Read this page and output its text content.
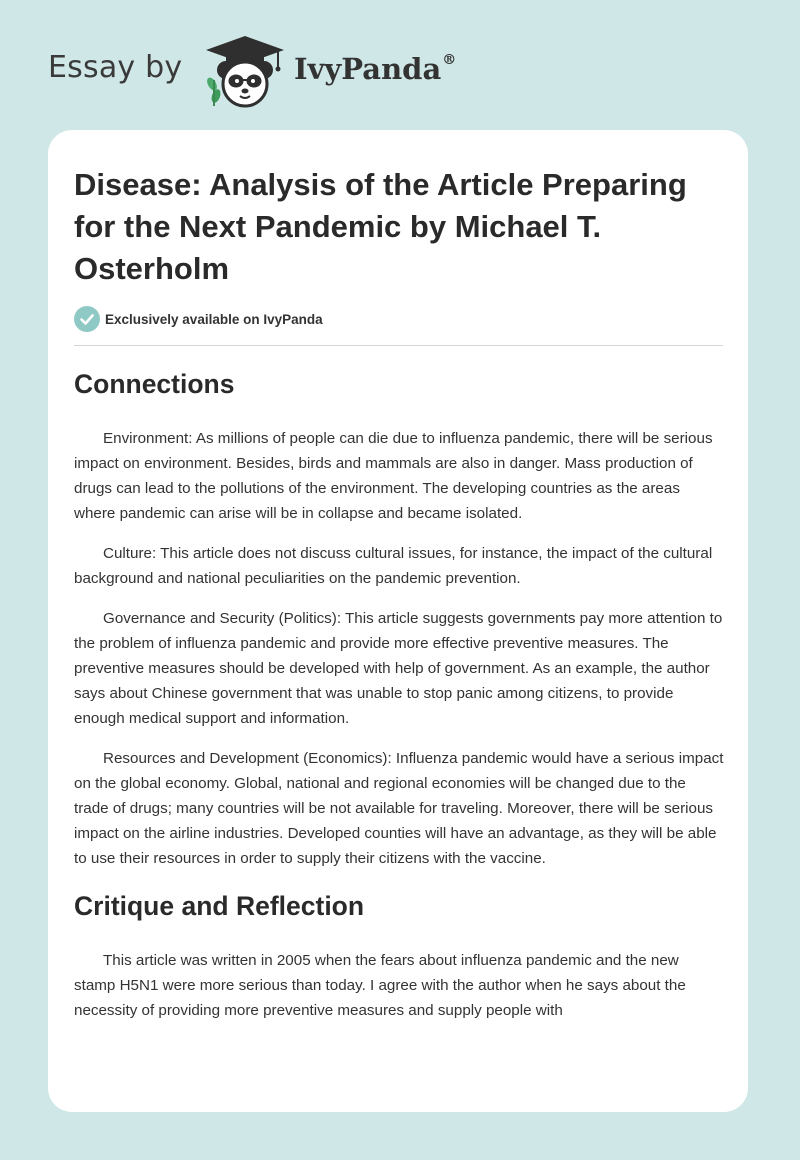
Essay by	IvyPanda®
Disease: Analysis of the Article Preparing for the Next Pandemic by Michael T. Osterholm
Exclusively available on IvyPanda
Connections

Environment: As millions of people can die due to influenza pandemic, there will be serious impact on environment. Besides, birds and mammals are also in danger. Mass production of drugs can lead to the pollutions of the environment. The developing countries as the areas where pandemic can arise will be in collapse and became isolated.

Culture: This article does not discuss cultural issues, for instance, the impact of the cultural background and national peculiarities on the pandemic prevention.

Governance and Security (Politics): This article suggests governments pay more attention to the problem of influenza pandemic and provide more effective preventive measures. The preventive measures should be developed with help of government. As an example, the author says about Chinese government that was unable to stop panic among citizens, to provide enough medical support and information.

Resources and Development (Economics): Influenza pandemic would have a serious impact on the global economy. Global, national and regional economies will be changed due to the trade of drugs; many countries will be not available for traveling. Moreover, there will be serious impact on the airline industries. Developed counties will have an advantage, as they will be able to use their resources in order to supply their citizens with the vaccine.

Critique and Reflection

This article was written in 2005 when the fears about influenza pandemic and the new stamp H5N1 were more serious than today. I agree with the author when he says about the necessity of providing more preventive measures and supply people with
